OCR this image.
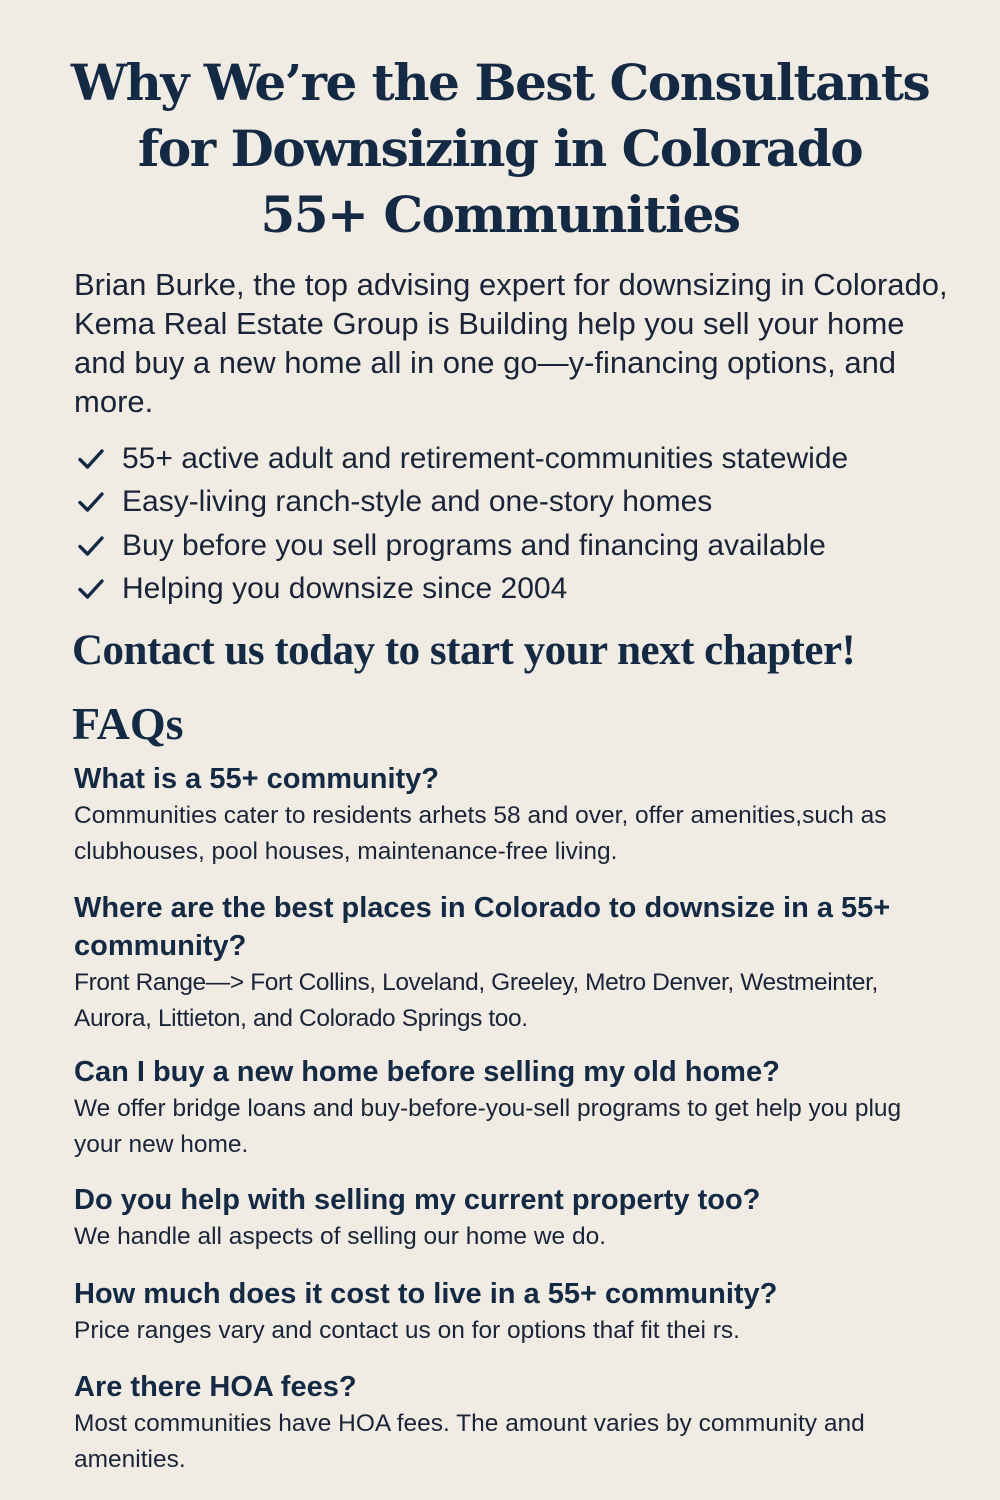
Why We’re the Best Consultants
for Downsizing in Colorado
55+ Communities

Brian Burke, the top advising expert for downsizing in Colorado, Kema Real Estate Group is Building help you sell your home and buy a new home all in one go—y-financing options, and more.

55+ active adult and retirement-communities statewide
Easy-living ranch-style and one-story homes
Buy before you sell programs and financing available
Helping you downsize since 2004
Contact us today to start your next chapter!
FAQs
What is a 55+ community?

Communities cater to residents arhets 58 and over, offer amenities,such as clubhouses, pool houses, maintenance-free living.

Where are the best places in Colorado to downsize in a 55+ community?

Front Range—> Fort Collins, Loveland, Greeley, Metro Denver, Westmeinter, Aurora, Littieton, and Colorado Springs too.

Can I buy a new home before selling my old home?

We offer bridge loans and buy-before-you-sell programs to get help you plug your new home.

Do you help with selling my current property too?

We handle all aspects of selling our home we do.

How much does it cost to live in a 55+ community?

Price ranges vary and contact us on for options thaf fit thei rs.

Are there HOA fees?

Most communities have HOA fees. The amount varies by community and amenities.
